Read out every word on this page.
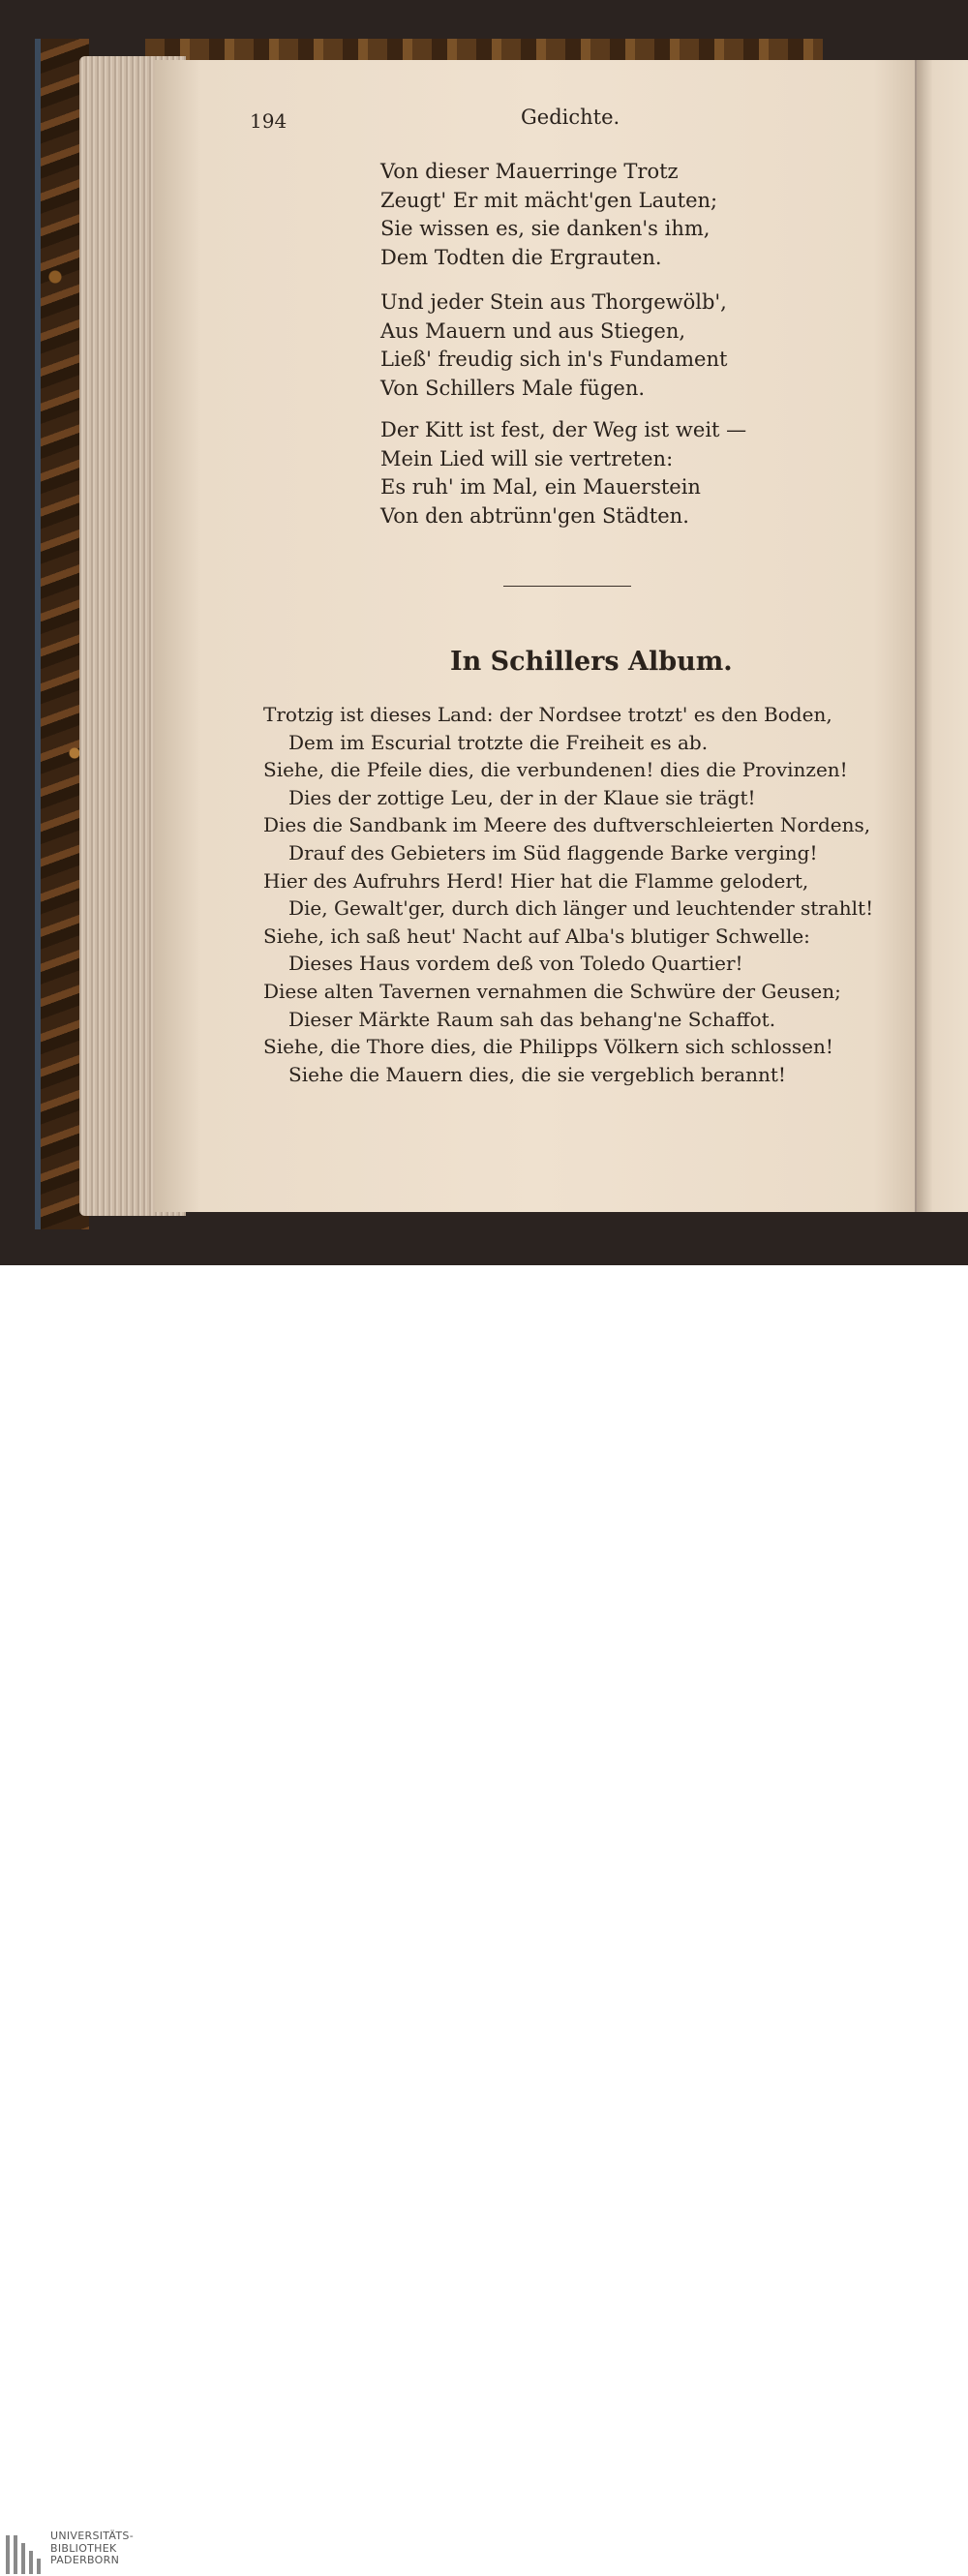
194	Gedichte.
Von dieser Mauerringe Trotz
Zeugt' Er mit mächt'gen Lauten;
Sie wissen es, sie danken's ihm,
Dem Todten die Ergrauten.
Und jeder Stein aus Thorgewölb',
Aus Mauern und aus Stiegen,
Ließ' freudig sich in's Fundament
Von Schillers Male fügen.
Der Kitt ist fest, der Weg ist weit —
Mein Lied will sie vertreten:
Es ruh' im Mal, ein Mauerstein
Von den abtrünn'gen Städten.
In Schillers Album.
Trotzig ist dieses Land: der Nordsee trotzt' es den Boden,
Dem im Escurial trotzte die Freiheit es ab.
Siehe, die Pfeile dies, die verbundenen! dies die Provinzen!
Dies der zottige Leu, der in der Klaue sie trägt!
Dies die Sandbank im Meere des duftverschleierten Nordens,
Drauf des Gebieters im Süd flaggende Barke verging!
Hier des Aufruhrs Herd! Hier hat die Flamme gelodert,
Die, Gewalt'ger, durch dich länger und leuchtender strahlt!
Siehe, ich saß heut' Nacht auf Alba's blutiger Schwelle:
Dieses Haus vordem deß von Toledo Quartier!
Diese alten Tavernen vernahmen die Schwüre der Geusen;
Dieser Märkte Raum sah das behang'ne Schaffot.
Siehe, die Thore dies, die Philipps Völkern sich schlossen!
Siehe die Mauern dies, die sie vergeblich berannt!
UNIVERSITÄTS-
BIBLIOTHEK
PADERBORN
